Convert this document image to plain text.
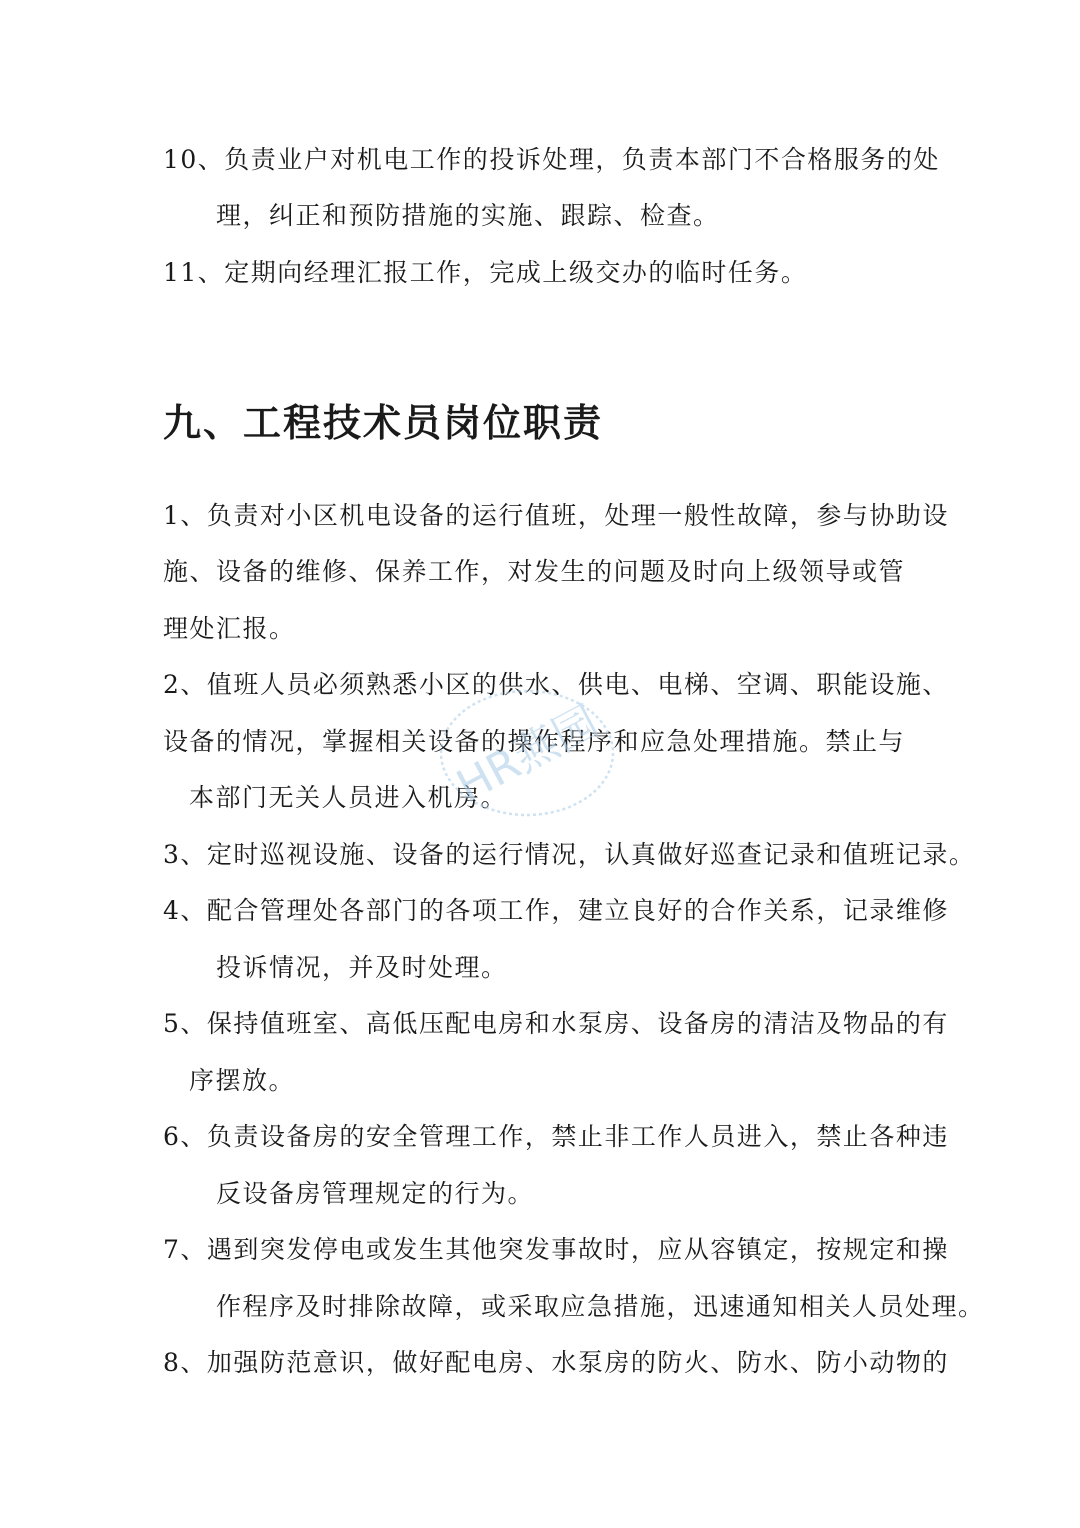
10、负责业户对机电工作的投诉处理，负责本部门不合格服务的处
理，纠正和预防措施的实施、跟踪、检查。
11、定期向经理汇报工作，完成上级交办的临时任务。
九、工程技术员岗位职责
1、负责对小区机电设备的运行值班，处理一般性故障，参与协助设
施、设备的维修、保养工作，对发生的问题及时向上级领导或管
理处汇报。
2、值班人员必须熟悉小区的供水、供电、电梯、空调、职能设施、
设备的情况，掌握相关设备的操作程序和应急处理措施。禁止与
本部门无关人员进入机房。
3、定时巡视设施、设备的运行情况，认真做好巡查记录和值班记录。
4、配合管理处各部门的各项工作，建立良好的合作关系，记录维修
投诉情况，并及时处理。
5、保持值班室、高低压配电房和水泵房、设备房的清洁及物品的有
序摆放。
6、负责设备房的安全管理工作，禁止非工作人员进入，禁止各种违
反设备房管理规定的行为。
7、遇到突发停电或发生其他突发事故时，应从容镇定，按规定和操
作程序及时排除故障，或采取应急措施，迅速通知相关人员处理。
8、加强防范意识，做好配电房、水泵房的防火、防水、防小动物的
HR燕园
